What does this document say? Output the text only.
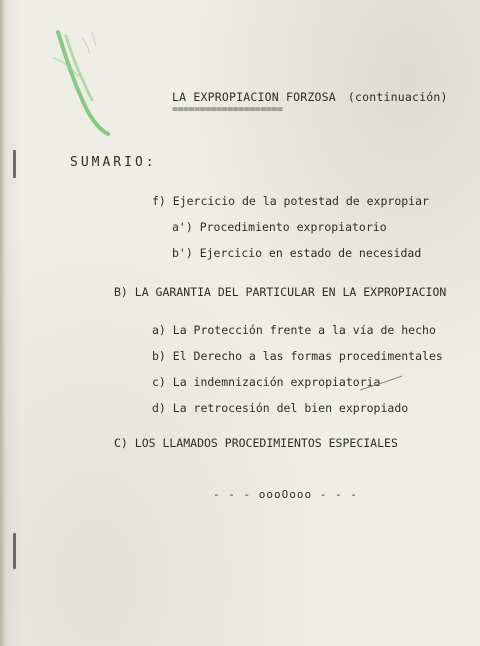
LA EXPROPIACION FORZOSA (continuación)
====================
SUMARIO:
f) Ejercicio de la potestad de expropiar
a') Procedimiento expropiatorio
b') Ejercicio en estado de necesidad
B) LA GARANTIA DEL PARTICULAR EN LA EXPROPIACION
a) La Protección frente a la vía de hecho
b) El Derecho a las formas procedimentales
c) La indemnización expropiatoria
d) La retrocesión del bien expropiado
C) LOS LLAMADOS PROCEDIMIENTOS ESPECIALES
- - - oooOooo - - -
